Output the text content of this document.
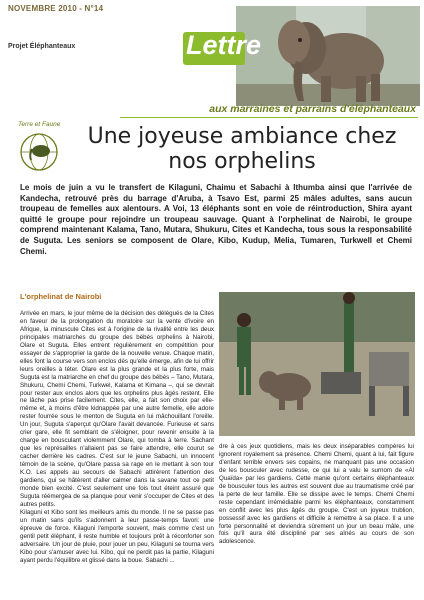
NOVEMBRE 2010 - N°14
Projet Éléphanteaux	Lettre
aux marraines et parrains d'éléphanteaux
Terre et Faune	Une joyeuse ambiance chez
nos orphelins
Le mois de juin a vu le transfert de Kilaguni, Chaimu et Sabachi à Ithumba ainsi que l'arrivée de Kandecha, retrouvé près du barrage d'Aruba, à Tsavo Est, parmi 25 mâles adultes, sans aucun troupeau de femelles aux alentours. A Voi, 13 éléphants sont en voie de réintroduction, Shira ayant quitté le groupe pour rejoindre un troupeau sauvage. Quant à l'orphelinat de Nairobi, le groupe comprend maintenant Kalama, Tano, Mutara, Shukuru, Cites et Kandecha, tous sous la responsabilité de Suguta. Les seniors se composent de Olare, Kibo, Kudup, Melia, Tumaren, Turkwell et Chemi Chemi.
L'orphelinat de Nairobi

Arrivée en mars, le jour même de la décision des délégués de la Cites en faveur de la prolongation du moratoire sur la vente d'ivoire en Afrique, la minuscule Cites est à l'origine de la rivalité entre les deux principales matriarches du groupe des bébés orphelins à Nairobi, Olare et Suguta. Elles entrent régulièrement en compétition pour essayer de s'approprier la garde de la nouvelle venue. Chaque matin, elles font la course vers son enclos dès qu'elle émerge, afin de lui offrir leurs oreilles à téter. Olare est la plus grande et la plus forte, mais Suguta est la matriarche en chef du groupe des bébés – Tano, Mutara, Shukuru, Chemi Chemi, Turkwel, Kalama et Kimana –, qui se devrait pour rester aux enclos alors que les orphelins plus âgés restent. Elle ne lâche pas prise facilement. Cites, elle, a fait son choix par elle-même et, à moins d'être kidnappée par une autre femelle, elle adore rester fourrée sous le menton de Suguta en lui mâchouillant l'oreille. Un jour, Suguta s'aperçut qu'Olare l'avait devancée. Furieuse et sans crier gare, elle fit semblant de s'éloigner, pour revenir ensuite à la charge en bousculant violemment Olare, qui tomba à terre. Sachant que les représailles n'allaient pas se faire attendre, elle courut se cacher derrière les cadres. C'est sur le jeune Sabachi, un innocent témoin de la scène, qu'Olare passa sa rage en le mettant à son tour K.O. Les appels au secours de Sabachi attirèrent l'attention des gardiens, qui se hâtèrent d'aller calmer dans la savane tout ce petit monde bien excité. C'est seulement une fois tout éteint assuré que Suguta réémergea de sa planque pour venir s'occuper de Cites et des autres petits.

Kilaguni et Kibo sont les meilleurs amis du monde. Il ne se passe pas un matin sans qu'ils s'adonnent à leur passe-temps favori: une épreuve de force. Kilaguni l'emporte souvent, mais comme c'est un gentil petit éléphant, il reste humble et toujours prêt à réconforter son adversaire. Un jour de pluie, pour jouer un peu, Kilaguni se tourna vers Kibo pour s'amuser avec lui. Kibo, qui ne perdit pas la partie, Kilaguni ayant perdu l'équilibre et glissé dans la boue. Sabachi ...

dre à ces jeux quotidiens, mais les deux inséparables compères lui ignorent royalement sa présence. Chemi Chemi, quant à lui, fait figure d'enfant terrible envers ses copains, ne manquant pas une occasion de les bousculer avec rudesse, ce qui lui a valu le surnom de «Al Quaïda» par les gardiens. Cette manie qu'ont certains éléphanteaux de bousculer tous les autres est souvent due au traumatisme créé par la perte de leur famille. Elle se dissipe avec le temps. Chemi Chemi reste cependant irrémédiable parmi les éléphanteaux, constamment en conflit avec les plus âgés du groupe. C'est un joyeux trublion, possessif avec les gardiens et difficile à remettre à sa place. Il a une forte personnalité et deviendra sûrement un jour un beau mâle, une fois qu'il aura été discipliné par ses aînés au cours de son adolescence.
